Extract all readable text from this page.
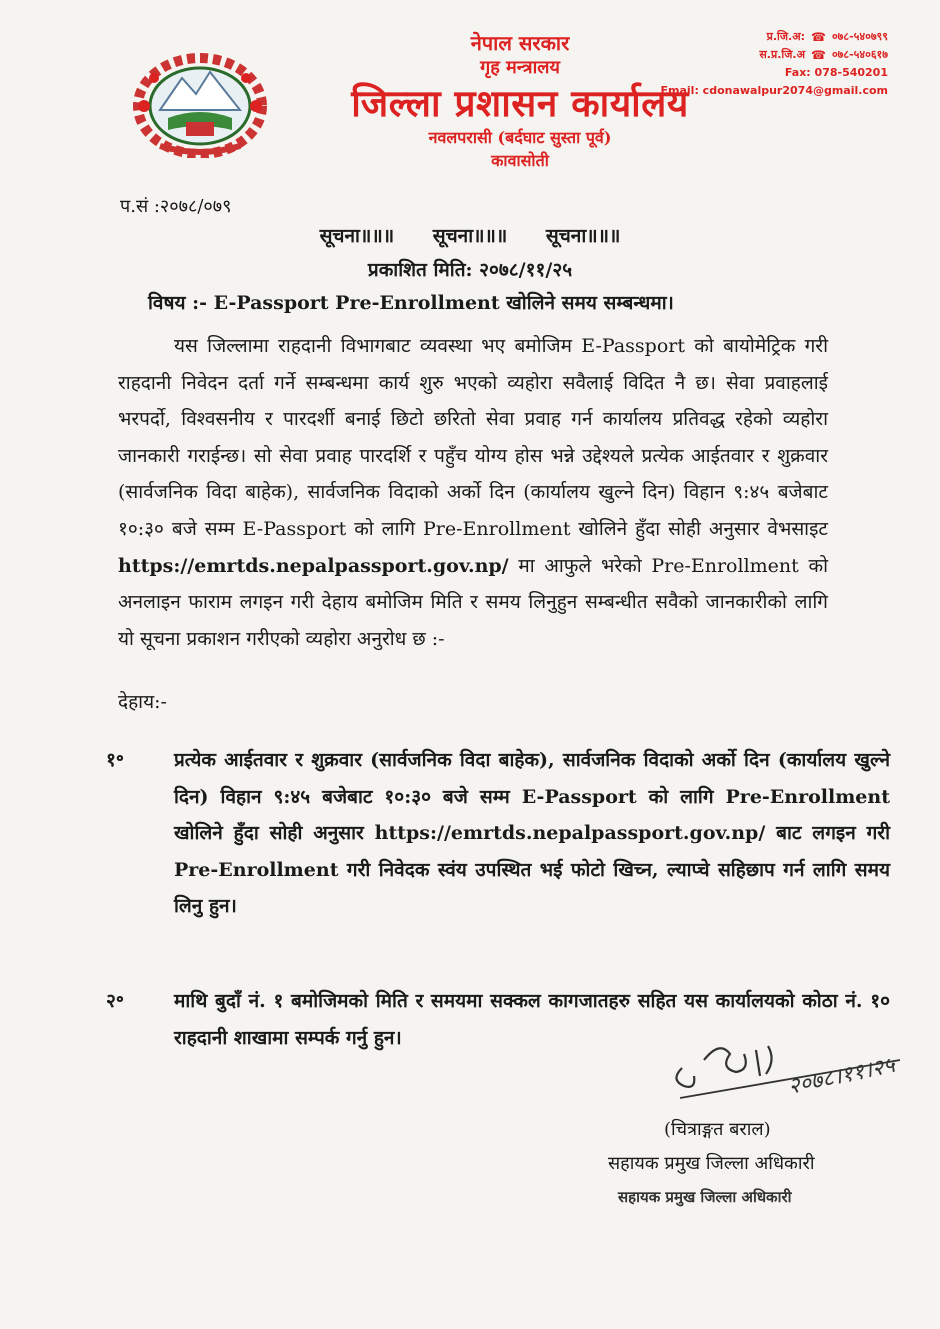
नेपाल सरकार
गृह मन्त्रालय
जिल्ला प्रशासन कार्यालय
नवलपरासी (बर्दघाट सुस्ता पूर्व)
कावासोती
प्र.जि.अ: ☎ ०७८-५४०७९९
स.प्र.जि.अ ☎ ०७८-५४०६१७
Fax: 078-540201
Email: cdonawalpur2074@gmail.com
प.सं :२०७८/०७९
सूचना॥॥॥ सूचना॥॥॥ सूचना॥॥॥
प्रकाशित मिति: २०७८/११/२५
विषय :- E-Passport Pre-Enrollment खोलिने समय सम्बन्धमा।
यस जिल्लामा राहदानी विभागबाट व्यवस्था भए बमोजिम E-Passport को बायोमेट्रिक गरी राहदानी निवेदन दर्ता गर्ने सम्बन्धमा कार्य शुरु भएको व्यहोरा सवैलाई विदित नै छ। सेवा प्रवाहलाई भरपर्दो, विश्वसनीय र पारदर्शी बनाई छिटो छरितो सेवा प्रवाह गर्न कार्यालय प्रतिवद्ध रहेको व्यहोरा जानकारी गराईन्छ। सो सेवा प्रवाह पारदर्शि र पहुँच योग्य होस भन्ने उद्देश्यले प्रत्येक आईतवार र शुक्रवार (सार्वजनिक विदा बाहेक), सार्वजनिक विदाको अर्को दिन (कार्यालय खुल्ने दिन) विहान ९:४५ बजेबाट १०:३० बजे सम्म E-Passport को लागि Pre-Enrollment खोलिने हुँदा सोही अनुसार वेभसाइट https://emrtds.nepalpassport.gov.np/ मा आफुले भरेको Pre-Enrollment को अनलाइन फाराम लगइन गरी देहाय बमोजिम मिति र समय लिनुहुन सम्बन्धीत सवैको जानकारीको लागि यो सूचना प्रकाशन गरीएको व्यहोरा अनुरोध छ :-
देहाय:-
१॰	प्रत्येक आईतवार र शुक्रवार (सार्वजनिक विदा बाहेक), सार्वजनिक विदाको अर्को दिन (कार्यालय खुल्ने दिन) विहान ९:४५ बजेबाट १०:३० बजे सम्म E-Passport को लागि Pre-Enrollment खोलिने हुँदा सोही अनुसार https://emrtds.nepalpassport.gov.np/ बाट लगइन गरी Pre-Enrollment गरी निवेदक स्वंय उपस्थित भई फोटो खिच्न, ल्याप्चे सहिछाप गर्न लागि समय लिनु हुन।
२॰	माथि बुदाँ नं. १ बमोजिमको मिति र समयमा सक्कल कागजातहरु सहित यस कार्यालयको कोठा नं. १० राहदानी शाखामा सम्पर्क गर्नु हुन।
२०७८।११।२५
(चित्राङ्गत बराल)
सहायक प्रमुख जिल्ला अधिकारी
सहायक प्रमुख जिल्ला अधिकारी
